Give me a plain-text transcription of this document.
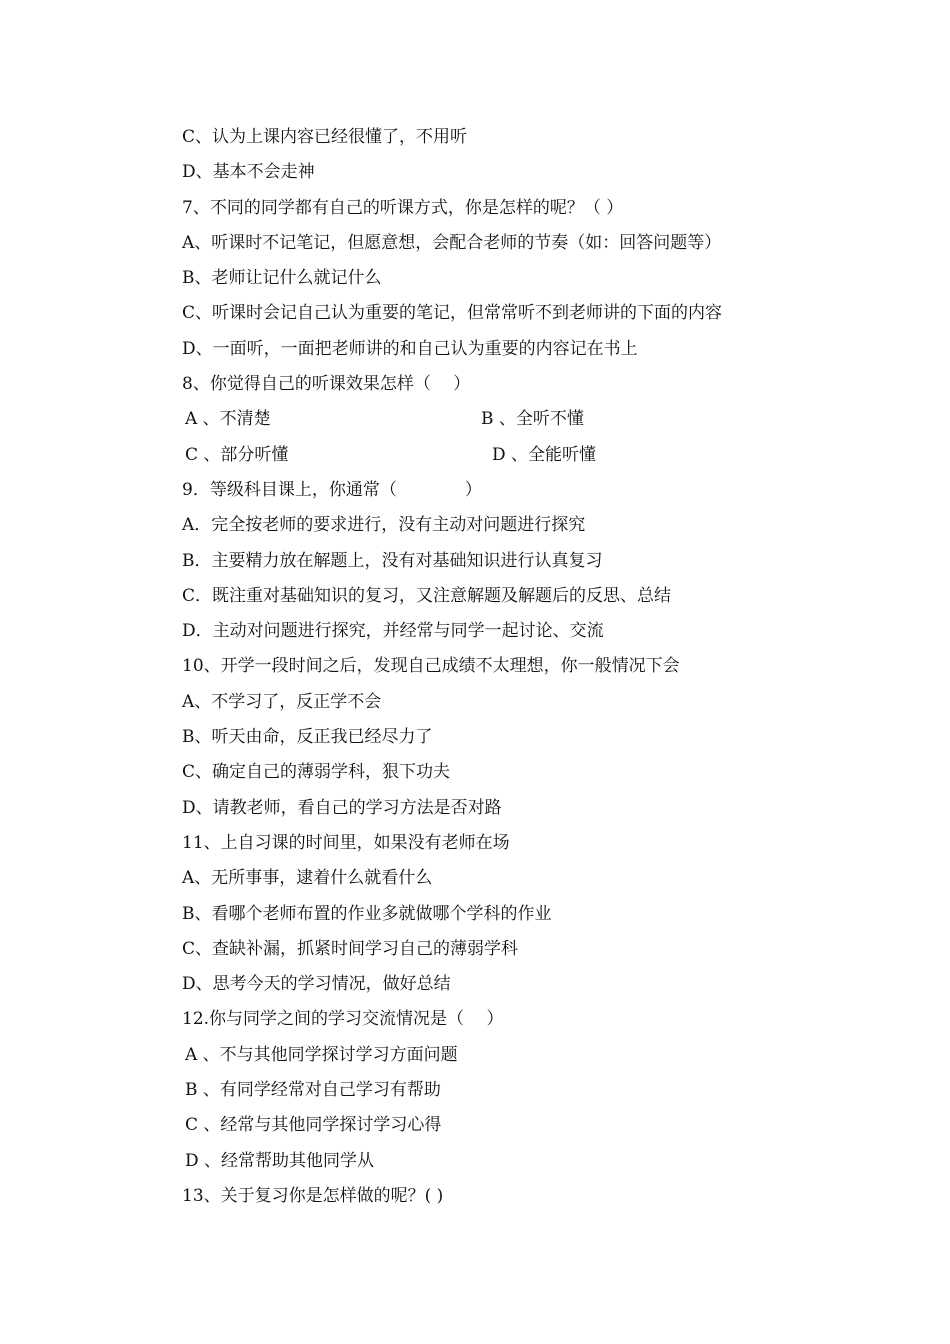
C、认为上课内容已经很懂了，不用听
D、基本不会走神
7、不同的同学都有自己的听课方式，你是怎样的呢？（ ）
A、听课时不记笔记，但愿意想，会配合老师的节奏（如：回答问题等）
B、老师让记什么就记什么
C、听课时会记自己认为重要的笔记，但常常听不到老师讲的下面的内容
D、一面听，一面把老师讲的和自己认为重要的内容记在书上
8、你觉得自己的听课效果怎样（　 ）
A 、不清楚	B 、全听不懂
C 、部分听懂	D 、全能听懂
9．等级科目课上，你通常（　　　　）
A．完全按老师的要求进行，没有主动对问题进行探究
B．主要精力放在解题上，没有对基础知识进行认真复习
C．既注重对基础知识的复习，又注意解题及解题后的反思、总结
D．主动对问题进行探究，并经常与同学一起讨论、交流
10、开学一段时间之后，发现自己成绩不太理想，你一般情况下会
A、不学习了，反正学不会
B、听天由命，反正我已经尽力了
C、确定自己的薄弱学科，狠下功夫
D、请教老师，看自己的学习方法是否对路
11、上自习课的时间里，如果没有老师在场
A、无所事事，逮着什么就看什么
B、看哪个老师布置的作业多就做哪个学科的作业
C、查缺补漏，抓紧时间学习自己的薄弱学科
D、思考今天的学习情况，做好总结
12.你与同学之间的学习交流情况是（　 ）
A 、不与其他同学探讨学习方面问题
B 、有同学经常对自己学习有帮助
C 、经常与其他同学探讨学习心得
D 、经常帮助其他同学从
13、关于复习你是怎样做的呢？( )
